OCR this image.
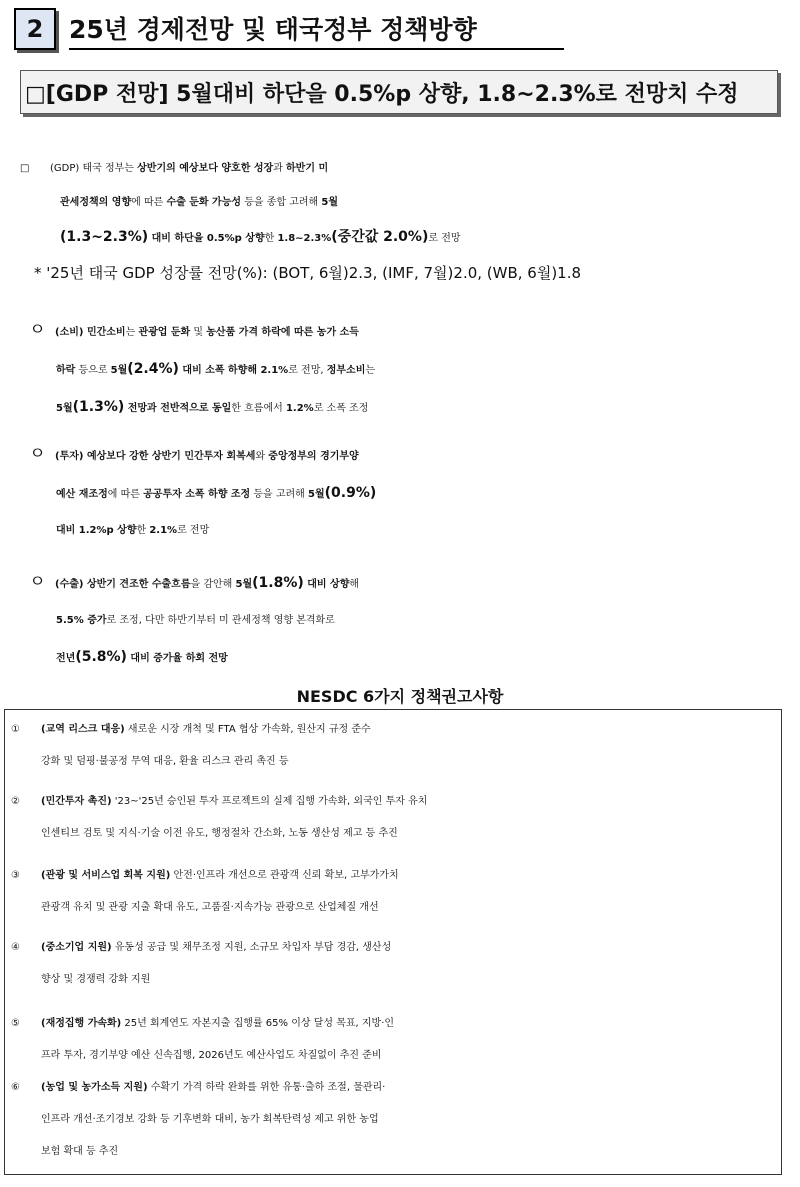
2	25년 경제전망 및 태국정부 정책방향
□[GDP 전망] 5월대비 하단을 0.5%p 상향, 1.8~2.3%로 전망치 수정
□ (GDP) 태국 정부는 상반기의 예상보다 양호한 성장과 하반기 미
관세정책의 영향에 따른 수출 둔화 가능성 등을 종합 고려해 5월
(1.3~2.3%) 대비 하단을 0.5%p 상향한 1.8~2.3%(중간값 2.0%)로 전망
* '25년 태국 GDP 성장률 전망(%): (BOT, 6월)2.3, (IMF, 7월)2.0, (WB, 6월)1.8
ㅇ (소비) 민간소비는 관광업 둔화 및 농산품 가격 하락에 따른 농가 소득
하락 등으로 5월(2.4%) 대비 소폭 하향해 2.1%로 전망, 정부소비는
5월(1.3%) 전망과 전반적으로 동일한 흐름에서 1.2%로 소폭 조정
ㅇ (투자) 예상보다 강한 상반기 민간투자 회복세와 중앙정부의 경기부양
예산 재조정에 따른 공공투자 소폭 하향 조정 등을 고려해 5월(0.9%)
대비 1.2%p 상향한 2.1%로 전망
ㅇ (수출) 상반기 견조한 수출흐름을 감안해 5월(1.8%) 대비 상향해
5.5% 증가로 조정, 다만 하반기부터 미 관세정책 영향 본격화로
전년(5.8%) 대비 증가율 하회 전망
NESDC 6가지 정책권고사항
① (교역 리스크 대응) 새로운 시장 개척 및 FTA 협상 가속화, 원산지 규정 준수
강화 및 덤핑·불공정 무역 대응, 환율 리스크 관리 촉진 등
② (민간투자 촉진) '23~'25년 승인된 투자 프로젝트의 실제 집행 가속화, 외국인 투자 유치
인센티브 검토 및 지식·기술 이전 유도, 행정절차 간소화, 노동 생산성 제고 등 추진
③ (관광 및 서비스업 회복 지원) 안전·인프라 개선으로 관광객 신뢰 확보, 고부가가치
관광객 유치 및 관광 지출 확대 유도, 고품질·지속가능 관광으로 산업체질 개선
④ (중소기업 지원) 유동성 공급 및 채무조정 지원, 소규모 차입자 부담 경감, 생산성
향상 및 경쟁력 강화 지원
⑤ (재정집행 가속화) 25년 회계연도 자본지출 집행률 65% 이상 달성 목표, 지방·인
프라 투자, 경기부양 예산 신속집행, 2026년도 예산사업도 차질없이 추진 준비
⑥ (농업 및 농가소득 지원) 수확기 가격 하락 완화를 위한 유통·출하 조절, 물관리·
인프라 개선·조기경보 강화 등 기후변화 대비, 농가 회복탄력성 제고 위한 농업
보험 확대 등 추진
